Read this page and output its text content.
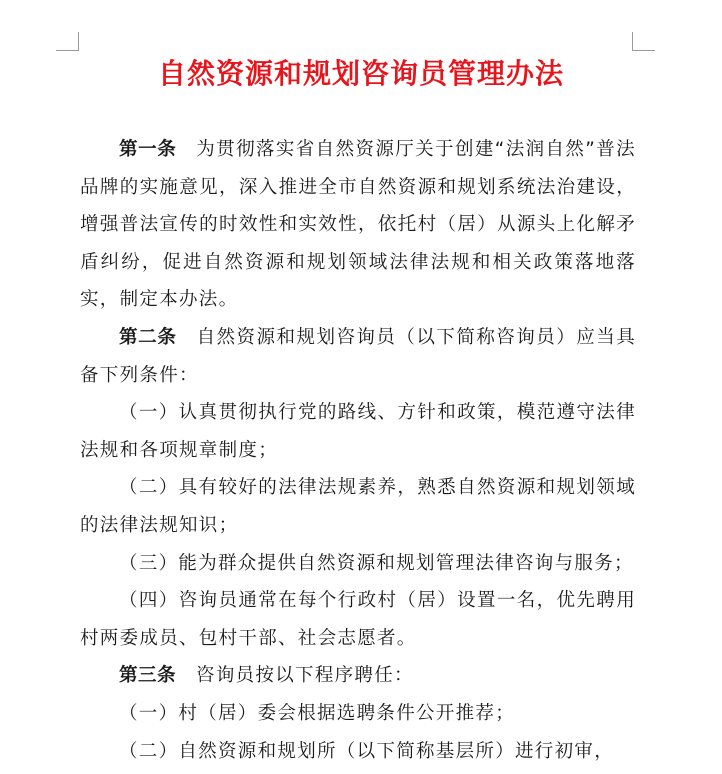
自然资源和规划咨询员管理办法

第一条 为贯彻落实省自然资源厅关于创建“法润自然”普法品牌的实施意见，深入推进全市自然资源和规划系统法治建设，增强普法宣传的时效性和实效性，依托村（居）从源头上化解矛盾纠纷，促进自然资源和规划领域法律法规和相关政策落地落实，制定本办法。

第二条 自然资源和规划咨询员（以下简称咨询员）应当具备下列条件：

（一）认真贯彻执行党的路线、方针和政策，模范遵守法律法规和各项规章制度；

（二）具有较好的法律法规素养，熟悉自然资源和规划领域的法律法规知识；

（三）能为群众提供自然资源和规划管理法律咨询与服务；

（四）咨询员通常在每个行政村（居）设置一名，优先聘用村两委成员、包村干部、社会志愿者。

第三条 咨询员按以下程序聘任：

（一）村（居）委会根据选聘条件公开推荐；

（二）自然资源和规划所（以下简称基层所）进行初审，
